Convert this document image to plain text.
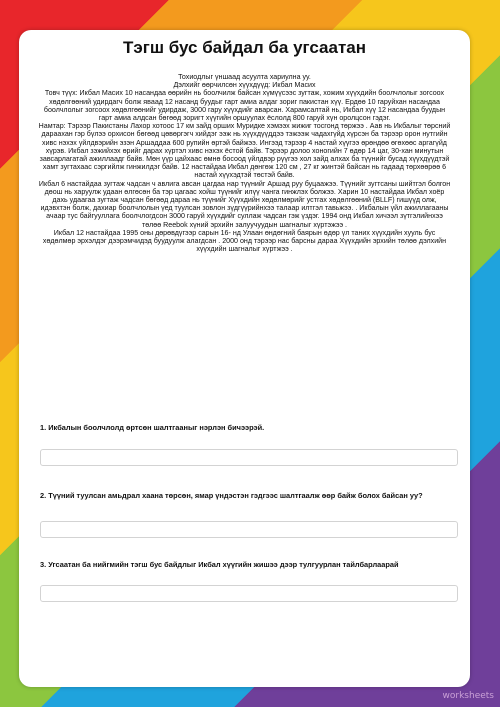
Тэгш бус байдал ба угсаатан

Тохиодлыг үншаад асуулта хариулна уу.

Дэлхийг өөрчилсөн хүүхдүүд: Икбал Масих

Товч түүх: Икбал Масих 10 насандаа өөрийн нь боолчилж байсан хүмүүсээс зугтаж, хожим хүүхдийн боолчлолыг зогсоох хөдөлгөөний удирдагч болж явaaд 12 насанд буудыг гарт амиа алдаг зориг пакистан хүү. Ердөө 10 гарyйхан насандаа боолчлолыг зогсоох хөдөлгөөнийг удирдаж, 3000 гару хүүхдийг аварсан. Харамсалтай нь, Икбал хүү 12 насандаа буудын гарт амиа алдсан бөгөөд зоригт хүүгийн оршуулах ёслолд 800 гаруй хүн оролцсон гэдэг.

Намтар: Тэрээр Пакистаны Лахор хотоос 17 км зайд орших Муридке хэмээх жижиг тосгонд төржээ . Аав нь Икбалыг төрсний дараахан гэр бүлээ орхисон бөгөөд цөвөргэгч хийдэг ээж нь хүүхдүүддээ тэжээж чадахгүйд хүрсэн ба тэрээр орон нутгийн хивс нэхэх үйлдвэрийн эзэн Аршаддаа 600 рупийн өртэй байжээ. Ингээд тэрээр 4 настай хүүгээ өрөндөө өгөхөөс аргагүйд хүрэв. Икбал зэжийхэх өрийг дарах хүртэл хивс нэхэх ёстой байв. Тэрээр долоо хоногийн 7 өдөр 14 цаг, 30-хан минутын завсарлагатай ажиллаадг байв. Мөн үүр цайхаас өмнө босоод үйлдвэр рүүгээ хол зайд алхах ба түүнийг бусад хүүхдүүдтэй хамт зугтахаас сэргийлж гинжилдэг байв. 12 настайдаа Икбал дөнгөж 120 см , 27 кг жинтэй байсан нь гадаад төрхөөрөө 6 настай хүүхэдтэй төстэй байв.

Икбал 6 настайдаа зугтаж чадсан ч авлига авсан цагдаа нар түүнийг Аршад руу буцаажээ. Түүнийг зугтсаны шийтгэл болгон дөош нь харуулж удаан өлгөсөн ба тэр цагаас хойш түүнийг илүү чанга гинжлэх болжээ. Харин 10 настайдаа Икбал хоёр дахь удаагаа зугтаж чадсан бөгөөд дараа нь түүнийг Хүүхдийн хөдөлмөрийг устгах хөдөлгөөний (BLLF) гишүүд олж, идэвхтэн болж, дахиар боолчлолын үед туулсан зовлон зүдгүүрийнхээ талаар илтгэл тавьжээ. . Икбалын үйл ажиллагааны ачаар тус байгууллага боолчлогдсон 3000 гаруй хүүхдийг суллаж чадсан гэж үздэг. 1994 онд Икбал хичээл зүтгэлийнхээ төлөө Reebok хүний эрхийн залуучуудын шагналыг хүртэжээ .

Икбал 12 настайдаа 1995 оны дөрөвдүгээр сарын 16- нд Улаан өндөгний баярын өдөр үл таних хүүхдийн хууль бус хөдөлмөр эрхэлдэг дээрэмчидэд буудуулж алагдсан . 2000 онд тэрээр нас барсны дараа Хүүхдийн эрхийн төлөө дэлхийн хүүхдийн шагналыг хүртжээ .

1. Икбалын боолчлолд өртсөн шалтгааныг нэрлэн бичээрэй.
2. Түүний туулсан амьдрал хаана төрсөн, ямар үндэстэн гэдгээс шалтгаалж өөр байж болох байсан уу?
3. Угсаатан ба нийгмийн тэгш бус байдлыг Икбал хүүгийн жишээ дээр тулгуурлан тайлбарлаарай
worksheets
